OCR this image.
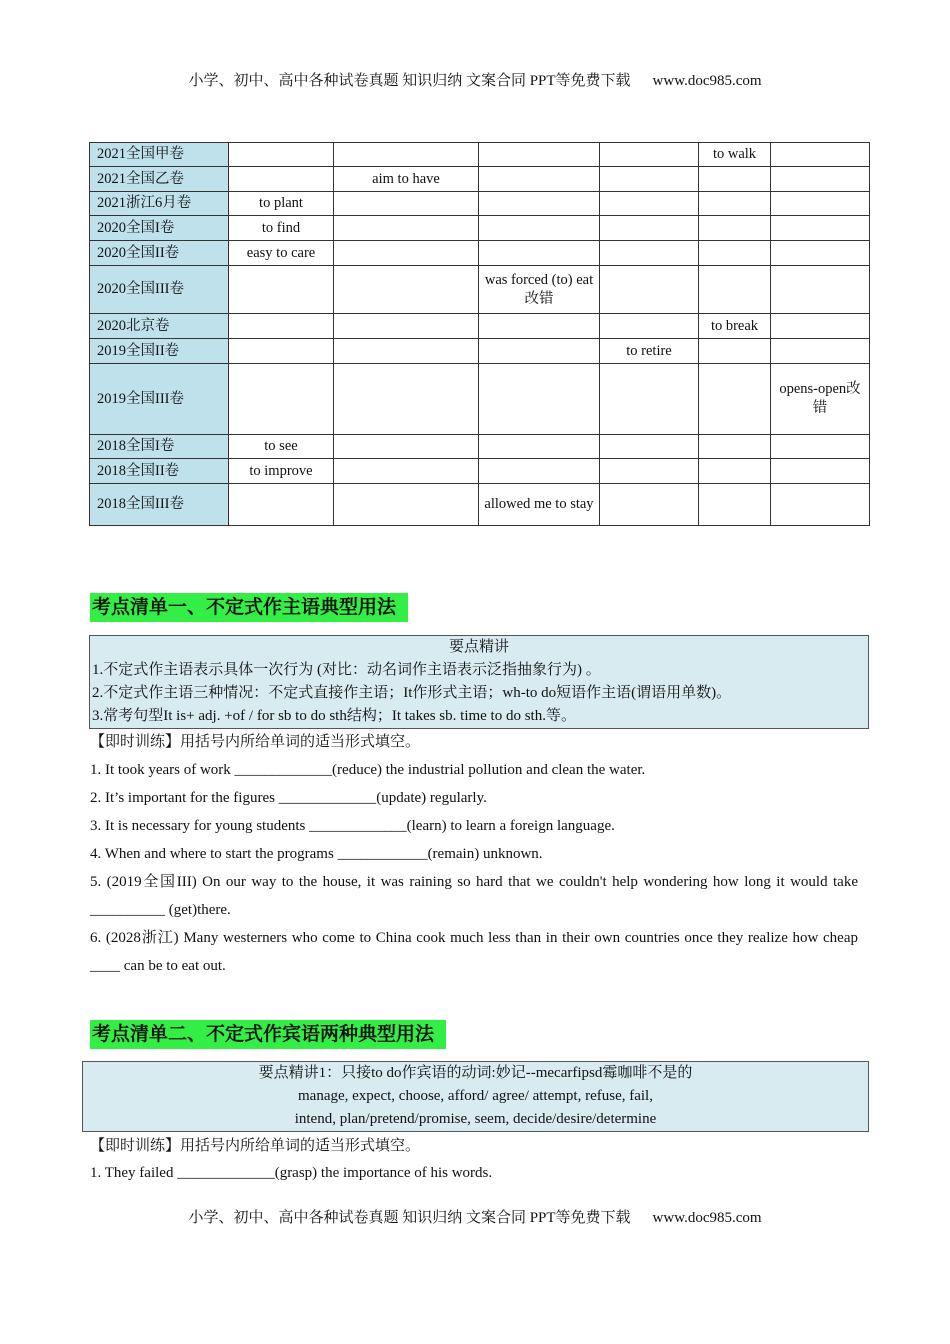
小学、初中、高中各种试卷真题 知识归纳 文案合同 PPT等免费下载 www.doc985.com
2021全国甲卷					to walk	
2021全国乙卷		aim to have				
2021浙江6月卷	to plant					
2020全国I卷	to find					
2020全国II卷	easy to care					
2020全国III卷			was forced (to) eat改错			
2020北京卷					to break	
2019全国II卷				to retire		
2019全国III卷						opens-open改错
2018全国I卷	to see					
2018全国II卷	to improve					
2018全国III卷			allowed me to stay			
考点清单一、不定式作主语典型用法
要点精讲
1.不定式作主语表示具体一次行为 (对比：动名词作主语表示泛指抽象行为) 。
2.不定式作主语三种情况：不定式直接作主语；It作形式主语；wh-to do短语作主语(谓语用单数)。
3.常考句型It is+ adj. +of / for sb to do sth结构；It takes sb. time to do sth.等。
【即时训练】用括号内所给单词的适当形式填空。
1. It took years of work _____________(reduce) the industrial pollution and clean the water.
2. It’s important for the figures _____________(update) regularly.
3. It is necessary for young students _____________(learn) to learn a foreign language.
4. When and where to start the programs ____________(remain) unknown.
5. (2019全国III) On our way to the house, it was raining so hard that we couldn't help wondering how long it would take __________ (get)there.
6. (2028浙江) Many westerners who come to China cook much less than in their own countries once they realize how cheap ____ can be to eat out.
考点清单二、不定式作宾语两种典型用法
要点精讲1：只接to do作宾语的动词:妙记--mecarfipsd霉咖啡不是的
manage, expect, choose, afford/ agree/ attempt, refuse, fail,
intend, plan/pretend/promise, seem, decide/desire/determine
【即时训练】用括号内所给单词的适当形式填空。
1. They failed _____________(grasp) the importance of his words.
小学、初中、高中各种试卷真题 知识归纳 文案合同 PPT等免费下载 www.doc985.com
